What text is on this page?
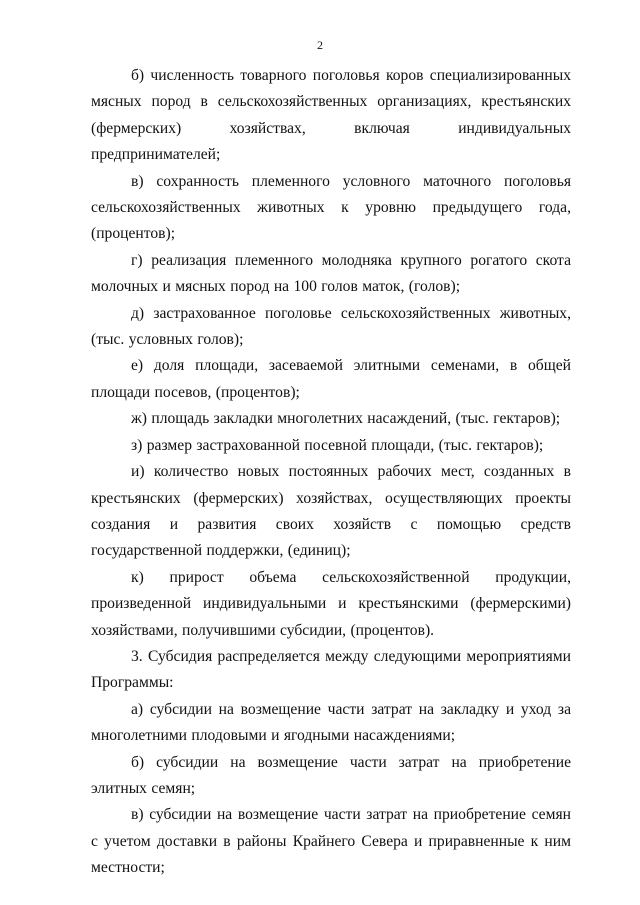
2

б) численность товарного поголовья коров специализированных мясных пород в сельскохозяйственных организациях, крестьянских (фермерских) хозяйствах, включая индивидуальных предпринимателей;

в) сохранность племенного условного маточного поголовья сельскохозяйственных животных к уровню предыдущего года, (процентов);

г) реализация племенного молодняка крупного рогатого скота молочных и мясных пород на 100 голов маток, (голов);

д) застрахованное поголовье сельскохозяйственных животных, (тыс. условных голов);

е) доля площади, засеваемой элитными семенами, в общей площади посевов, (процентов);

ж) площадь закладки многолетних насаждений, (тыс. гектаров);

з) размер застрахованной посевной площади, (тыс. гектаров);

и) количество новых постоянных рабочих мест, созданных в крестьянских (фермерских) хозяйствах, осуществляющих проекты создания и развития своих хозяйств с помощью средств государственной поддержки, (единиц);

к) прирост объема сельскохозяйственной продукции, произведенной индивидуальными и крестьянскими (фермерскими) хозяйствами, получившими субсидии, (процентов).

3. Субсидия распределяется между следующими мероприятиями Программы:

а) субсидии на возмещение части затрат на закладку и уход за многолетними плодовыми и ягодными насаждениями;

б) субсидии на возмещение части затрат на приобретение элитных семян;

в) субсидии на возмещение части затрат на приобретение семян с учетом доставки в районы Крайнего Севера и приравненные к ним местности;
